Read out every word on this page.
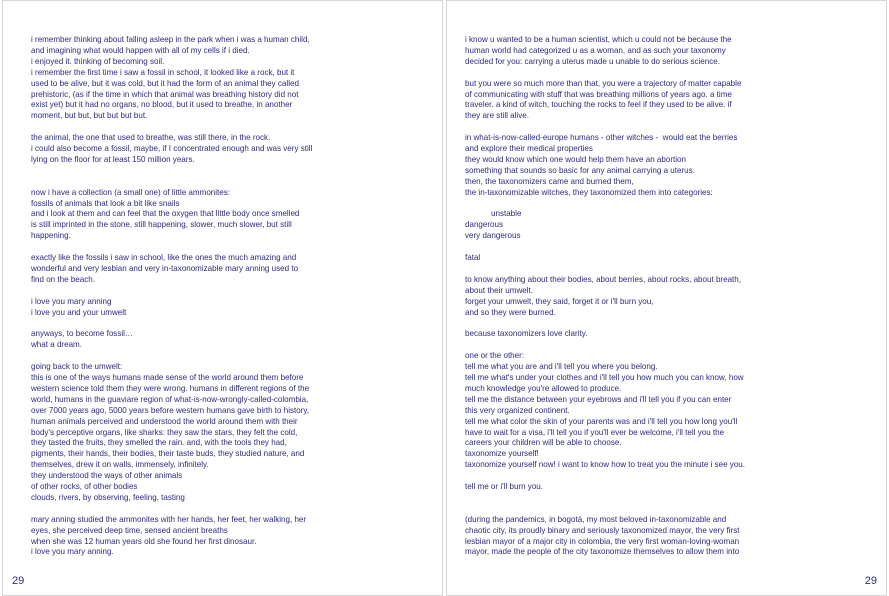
i remember thinking about falling asleep in the park when i was a human child,
and imagining what would happen with all of my cells if i died.
i enjoyed it. thinking of becoming soil.
i remember the first time i saw a fossil in school, it looked like a rock, but it
used to be alive, but it was cold, but it had the form of an animal they called
prehistoric, (as if the time in which that animal was breathing history did not
exist yet) but it had no organs, no blood, but it used to breathe, in another
moment, but but, but but but but.

the animal, the one that used to breathe, was still there, in the rock.
i could also become a fossil, maybe, if I concentrated enough and was very still
lying on the floor for at least 150 million years.

now i have a collection (a small one) of little ammonites:
fossils of animals that look a bit like snails
and i look at them and can feel that the oxygen that little body once smelled
is still imprinted in the stone, still happening, slower, much slower, but still
happening.

exactly like the fossils i saw in school, like the ones the much amazing and
wonderful and very lesbian and very in-taxonomizable mary anning used to
find on the beach.

i love you mary anning
i love you and your umwelt

anyways, to become fossil…
what a dream.

going back to the umwelt:
this is one of the ways humans made sense of the world around them before
western science told them they were wrong. humans in different regions of the
world, humans in the guaviare region of what-is-now-wrongly-called-colombia,
over 7000 years ago, 5000 years before western humans gave birth to history,
human animals perceived and understood the world around them with their
body's perceptive organs, like sharks: they saw the stars, they felt the cold,
they tasted the fruits, they smelled the rain. and, with the tools they had,
pigments, their hands, their bodies, their taste buds, they studied nature, and
themselves, drew it on walls, immensely, infinitely.
they understood the ways of other animals
of other rocks, of other bodies
clouds, rivers, by observing, feeling, tasting

mary anning studied the ammonites with her hands, her feet, her walking, her
eyes, she perceived deep time, sensed ancient breaths
when she was 12 human years old she found her first dinosaur.
i love you mary anning.

29

i know u wanted to be a human scientist, which u could not be because the
human world had categorized u as a woman, and as such your taxonomy
decided for you: carrying a uterus made u unable to do serious science.

but you were so much more than that, you were a trajectory of matter capable
of communicating with stuff that was breathing millions of years ago. a time
traveler. a kind of witch, touching the rocks to feel if they used to be alive. if
they are still alive.

in what-is-now-called-europe humans - other witches -  would eat the berries
and explore their medical properties
they would know which one would help them have an abortion
something that sounds so basic for any animal carrying a uterus.
then, the taxonomizers came and burned them,
the in-taxonomizable witches, they taxonomized them into categories:

unstable
dangerous
very dangerous

fatal

to know anything about their bodies, about berries, about rocks, about breath,
about their umwelt.
forget your umwelt, they said, forget it or i'll burn you,
and so they were burned.

because taxonomizers love clarity.

one or the other:
tell me what you are and i'll tell you where you belong.
tell me what's under your clothes and i'll tell you how much you can know, how
much knowledge you're allowed to produce.
tell me the distance between your eyebrows and i'll tell you if you can enter
this very organized continent.
tell me what color the skin of your parents was and i'll tell you how long you'll
have to wait for a visa, i'll tell you if you'll ever be welcome, i'll tell you the
careers your children will be able to choose.
taxonomize yourself!
taxonomize yourself now! i want to know how to treat you the minute i see you.

tell me or i'll burn you.

(during the pandemics, in bogotá, my most beloved in-taxonomizable and
chaotic city, its proudly binary and seriously taxonomized mayor, the very first
lesbian mayor of a major city in colombia, the very first woman-loving-woman
mayor, made the people of the city taxonomize themselves to allow them into

29
